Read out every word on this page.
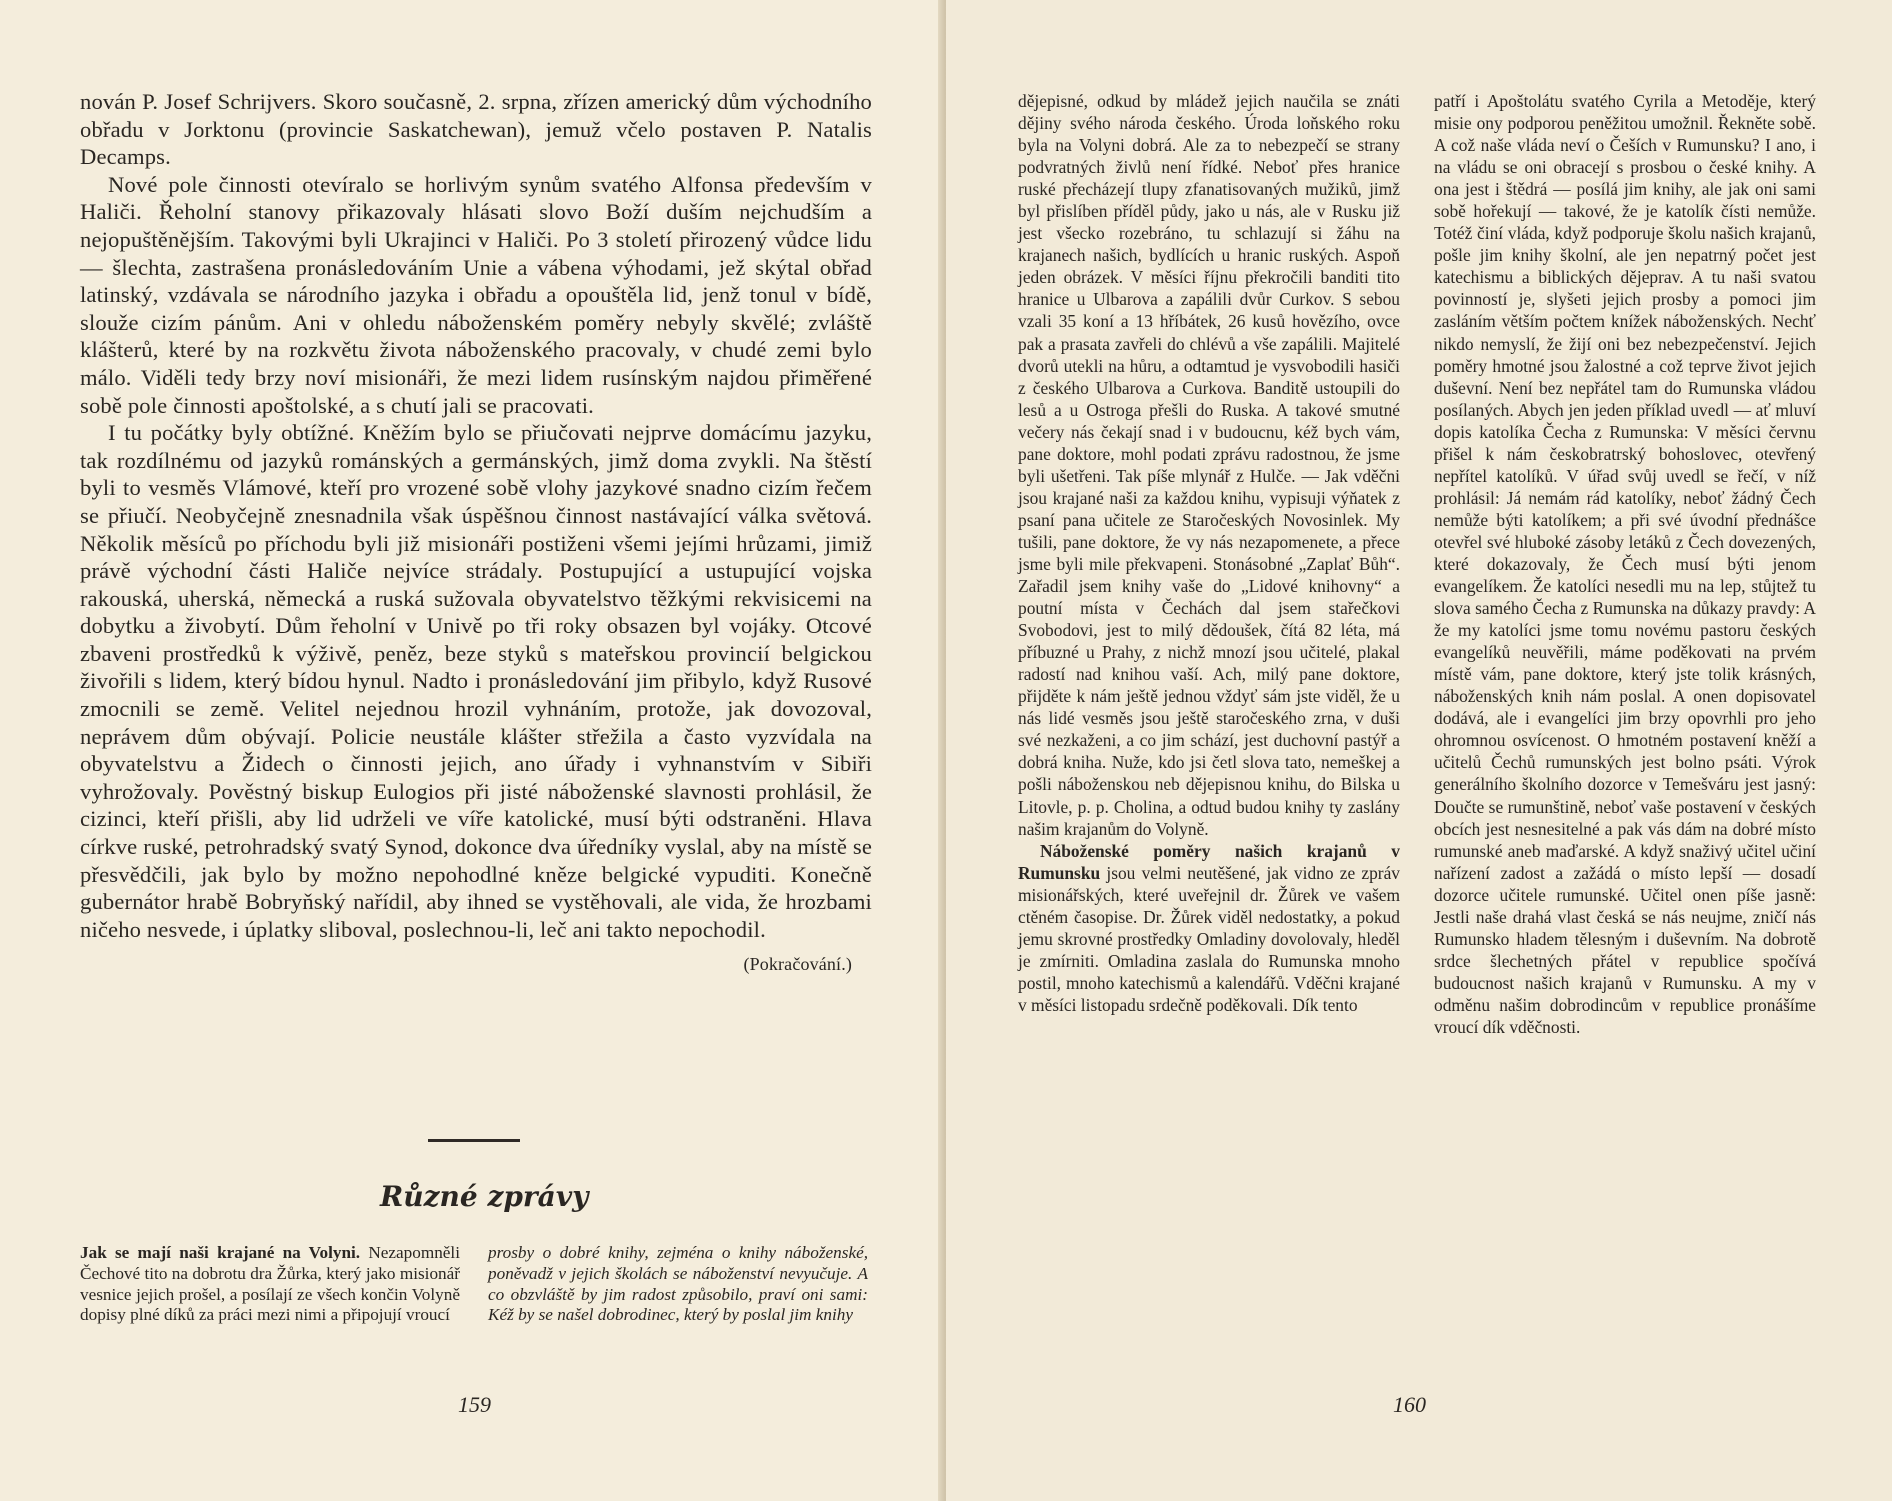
nován P. Josef Schrijvers. Skoro současně, 2. srpna, zřízen americký dům východního obřadu v Jorktonu (provincie Saskatchewan), jemuž včelo postaven P. Natalis Decamps.

Nové pole činnosti otevíralo se horlivým synům svatého Alfonsa především v Haliči. Řeholní stanovy přikazovaly hlásati slovo Boží duším nejchudším a nejopuštěnějším. Takovými byli Ukrajinci v Haliči. Po 3 století přirozený vůdce lidu — šlechta, zastrašena pronásledováním Unie a vábena výhodami, jež skýtal obřad latinský, vzdávala se národního jazyka i obřadu a opouštěla lid, jenž tonul v bídě, slouže cizím pánům. Ani v ohledu náboženském poměry nebyly skvělé; zvláště klášterů, které by na rozkvětu života náboženského pracovaly, v chudé zemi bylo málo. Viděli tedy brzy noví misionáři, že mezi lidem rusínským najdou přiměřené sobě pole činnosti apoštolské, a s chutí jali se pracovati.

I tu počátky byly obtížné. Kněžím bylo se přiučovati nejprve domácímu jazyku, tak rozdílnému od jazyků románských a germánských, jimž doma zvykli. Na štěstí byli to vesměs Vlámové, kteří pro vrozené sobě vlohy jazykové snadno cizím řečem se přiučí. Neobyčejně znesnadnila však úspěšnou činnost nastávající válka světová. Několik měsíců po příchodu byli již misionáři postiženi všemi jejími hrůzami, jimiž právě východní části Haliče nejvíce strádaly. Postupující a ustupující vojska rakouská, uherská, německá a ruská sužovala obyvatelstvo těžkými rekvisicemi na dobytku a živobytí. Dům řeholní v Univě po tři roky obsazen byl vojáky. Otcové zbaveni prostředků k výživě, peněz, beze styků s mateřskou provincií belgickou živořili s lidem, který bídou hynul. Nadto i pronásledování jim přibylo, když Rusové zmocnili se země. Velitel nejednou hrozil vyhnáním, protože, jak dovozoval, neprávem dům obývají. Policie neustále klášter střežila a často vyzvídala na obyvatelstvu a Židech o činnosti jejich, ano úřady i vyhnanstvím v Sibiři vyhrožovaly. Pověstný biskup Eulogios při jisté náboženské slavnosti prohlásil, že cizinci, kteří přišli, aby lid udrželi ve víře katolické, musí býti odstraněni. Hlava církve ruské, petrohradský svatý Synod, dokonce dva úředníky vyslal, aby na místě se přesvědčili, jak bylo by možno nepohodlné kněze belgické vypuditi. Konečně gubernátor hrabě Bobryňský nařídil, aby ihned se vystěhovali, ale vida, že hrozbami ničeho nesvede, i úplatky sliboval, poslechnou-li, leč ani takto nepochodil.

(Pokračování.)
Různé zprávy
Jak se mají naši krajané na Volyni. Nezapomněli Čechové tito na dobrotu dra Žůrka, který jako misionář vesnice jejich prošel, a posílají ze všech končin Volyně dopisy plné díků za práci mezi nimi a připojují vroucí
prosby o dobré knihy, zejména o knihy náboženské, poněvadž v jejich školách se náboženství nevyučuje. A co obzvláště by jim radost způsobilo, praví oni sami: Kéž by se našel dobrodinec, který by poslal jim knihy
159

dějepisné, odkud by mládež jejich naučila se znáti dějiny svého národa českého. Úroda loňského roku byla na Volyni dobrá. Ale za to nebezpečí se strany podvratných živlů není řídké. Neboť přes hranice ruské přecházejí tlupy zfanatisovaných mužiků, jimž byl přislíben příděl půdy, jako u nás, ale v Rusku již jest všecko rozebráno, tu schlazují si žáhu na krajanech našich, bydlících u hranic ruských. Aspoň jeden obrázek. V měsíci říjnu překročili banditi tito hranice u Ulbarova a zapálili dvůr Curkov. S sebou vzali 35 koní a 13 hříbátek, 26 kusů hovězího, ovce pak a prasata zavřeli do chlévů a vše zapálili. Majitelé dvorů utekli na hůru, a odtamtud je vysvobodili hasiči z českého Ulbarova a Curkova. Banditě ustoupili do lesů a u Ostroga přešli do Ruska. A takové smutné večery nás čekají snad i v budoucnu, kéž bych vám, pane doktore, mohl podati zprávu radostnou, že jsme byli ušetřeni. Tak píše mlynář z Hulče. — Jak vděčni jsou krajané naši za každou knihu, vypisuji výňatek z psaní pana učitele ze Staročeských Novosinlek. My tušili, pane doktore, že vy nás nezapomenete, a přece jsme byli mile překvapeni. Stonásobné „Zaplať Bůh“. Zařadil jsem knihy vaše do „Lidové knihovny“ a poutní místa v Čechách dal jsem stařečkovi Svobodovi, jest to milý dědoušek, čítá 82 léta, má příbuzné u Prahy, z nichž mnozí jsou učitelé, plakal radostí nad knihou vaší. Ach, milý pane doktore, přijděte k nám ještě jednou vždyť sám jste viděl, že u nás lidé vesměs jsou ještě staročeského zrna, v duši své nezkaženi, a co jim schází, jest duchovní pastýř a dobrá kniha. Nuže, kdo jsi četl slova tato, nemeškej a pošli náboženskou neb dějepisnou knihu, do Bilska u Litovle, p. p. Cholina, a odtud budou knihy ty zaslány našim krajanům do Volyně.

Náboženské poměry našich krajanů v Rumunsku jsou velmi neutěšené, jak vidno ze zpráv misionářských, které uveřejnil dr. Žůrek ve vašem ctěném časopise. Dr. Žůrek viděl nedostatky, a pokud jemu skrovné prostředky Omladiny dovolovaly, hleděl je zmírniti. Omladina zaslala do Rumunska mnoho postil, mnoho katechismů a kalendářů. Vděčni krajané v měsíci listopadu srdečně poděkovali. Dík tento

patří i Apoštolátu svatého Cyrila a Metoděje, který misie ony podporou peněžitou umožnil. Řekněte sobě. A což naše vláda neví o Češích v Rumunsku? I ano, i na vládu se oni obracejí s prosbou o české knihy. A ona jest i štědrá — posílá jim knihy, ale jak oni sami sobě hořekují — takové, že je katolík čísti nemůže. Totéž činí vláda, když podporuje školu našich krajanů, pošle jim knihy školní, ale jen nepatrný počet jest katechismu a biblických dějeprav. A tu naši svatou povinností je, slyšeti jejich prosby a pomoci jim zasláním větším počtem knížek náboženských. Nechť nikdo nemyslí, že žijí oni bez nebezpečenství. Jejich poměry hmotné jsou žalostné a což teprve život jejich duševní. Není bez nepřátel tam do Rumunska vládou posílaných. Abych jen jeden příklad uvedl — ať mluví dopis katolíka Čecha z Rumunska: V měsíci červnu přišel k nám českobratrský bohoslovec, otevřený nepřítel katolíků. V úřad svůj uvedl se řečí, v níž prohlásil: Já nemám rád katolíky, neboť žádný Čech nemůže býti katolíkem; a při své úvodní přednášce otevřel své hluboké zásoby letáků z Čech dovezených, které dokazovaly, že Čech musí býti jenom evangelíkem. Že katolíci nesedli mu na lep, stůjtež tu slova samého Čecha z Rumunska na důkazy pravdy: A že my katolíci jsme tomu novému pastoru českých evangelíků neuvěřili, máme poděkovati na prvém místě vám, pane doktore, který jste tolik krásných, náboženských knih nám poslal. A onen dopisovatel dodává, ale i evangelíci jim brzy opovrhli pro jeho ohromnou osvícenost. O hmotném postavení kněží a učitelů Čechů rumunských jest bolno psáti. Výrok generálního školního dozorce v Temešváru jest jasný: Doučte se rumunštině, neboť vaše postavení v českých obcích jest nesnesitelné a pak vás dám na dobré místo rumunské aneb maďarské. A když snaživý učitel učiní nařízení zadost a zažádá o místo lepší — dosadí dozorce učitele rumunské. Učitel onen píše jasně: Jestli naše drahá vlast česká se nás neujme, zničí nás Rumunsko hladem tělesným i duševním. Na dobrotě srdce šlechetných přátel v republice spočívá budoucnost našich krajanů v Rumunsku. A my v odměnu našim dobrodincům v republice pronášíme vroucí dík vděčnosti.

160
